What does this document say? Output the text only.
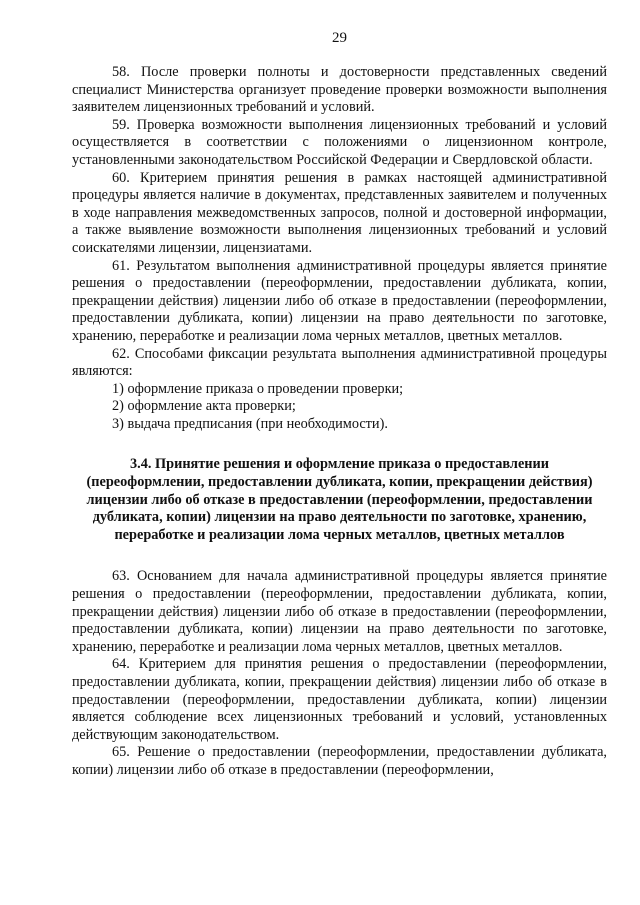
29

58. После проверки полноты и достоверности представленных сведений специалист Министерства организует проведение проверки возможности выполнения заявителем лицензионных требований и условий.

59. Проверка возможности выполнения лицензионных требований и условий осуществляется в соответствии с положениями о лицензионном контроле, установленными законодательством Российской Федерации и Свердловской области.

60. Критерием принятия решения в рамках настоящей административной процедуры является наличие в документах, представленных заявителем и полученных в ходе направления межведомственных запросов, полной и достоверной информации, а также выявление возможности выполнения лицензионных требований и условий соискателями лицензии, лицензиатами.

61. Результатом выполнения административной процедуры является принятие решения о предоставлении (переоформлении, предоставлении дубликата, копии, прекращении действия) лицензии либо об отказе в предоставлении (переоформлении, предоставлении дубликата, копии) лицензии на право деятельности по заготовке, хранению, переработке и реализации лома черных металлов, цветных металлов.

62. Способами фиксации результата выполнения административной процедуры являются:

1) оформление приказа о проведении проверки;

2) оформление акта проверки;

3) выдача предписания (при необходимости).

3.4. Принятие решения и оформление приказа о предоставлении (переоформлении, предоставлении дубликата, копии, прекращении действия) лицензии либо об отказе в предоставлении (переоформлении, предоставлении дубликата, копии) лицензии на право деятельности по заготовке, хранению, переработке и реализации лома черных металлов, цветных металлов

63. Основанием для начала административной процедуры является принятие решения о предоставлении (переоформлении, предоставлении дубликата, копии, прекращении действия) лицензии либо об отказе в предоставлении (переоформлении, предоставлении дубликата, копии) лицензии на право деятельности по заготовке, хранению, переработке и реализации лома черных металлов, цветных металлов.

64. Критерием для принятия решения о предоставлении (переоформлении, предоставлении дубликата, копии, прекращении действия) лицензии либо об отказе в предоставлении (переоформлении, предоставлении дубликата, копии) лицензии является соблюдение всех лицензионных требований и условий, установленных действующим законодательством.

65. Решение о предоставлении (переоформлении, предоставлении дубликата, копии) лицензии либо об отказе в предоставлении (переоформлении,
